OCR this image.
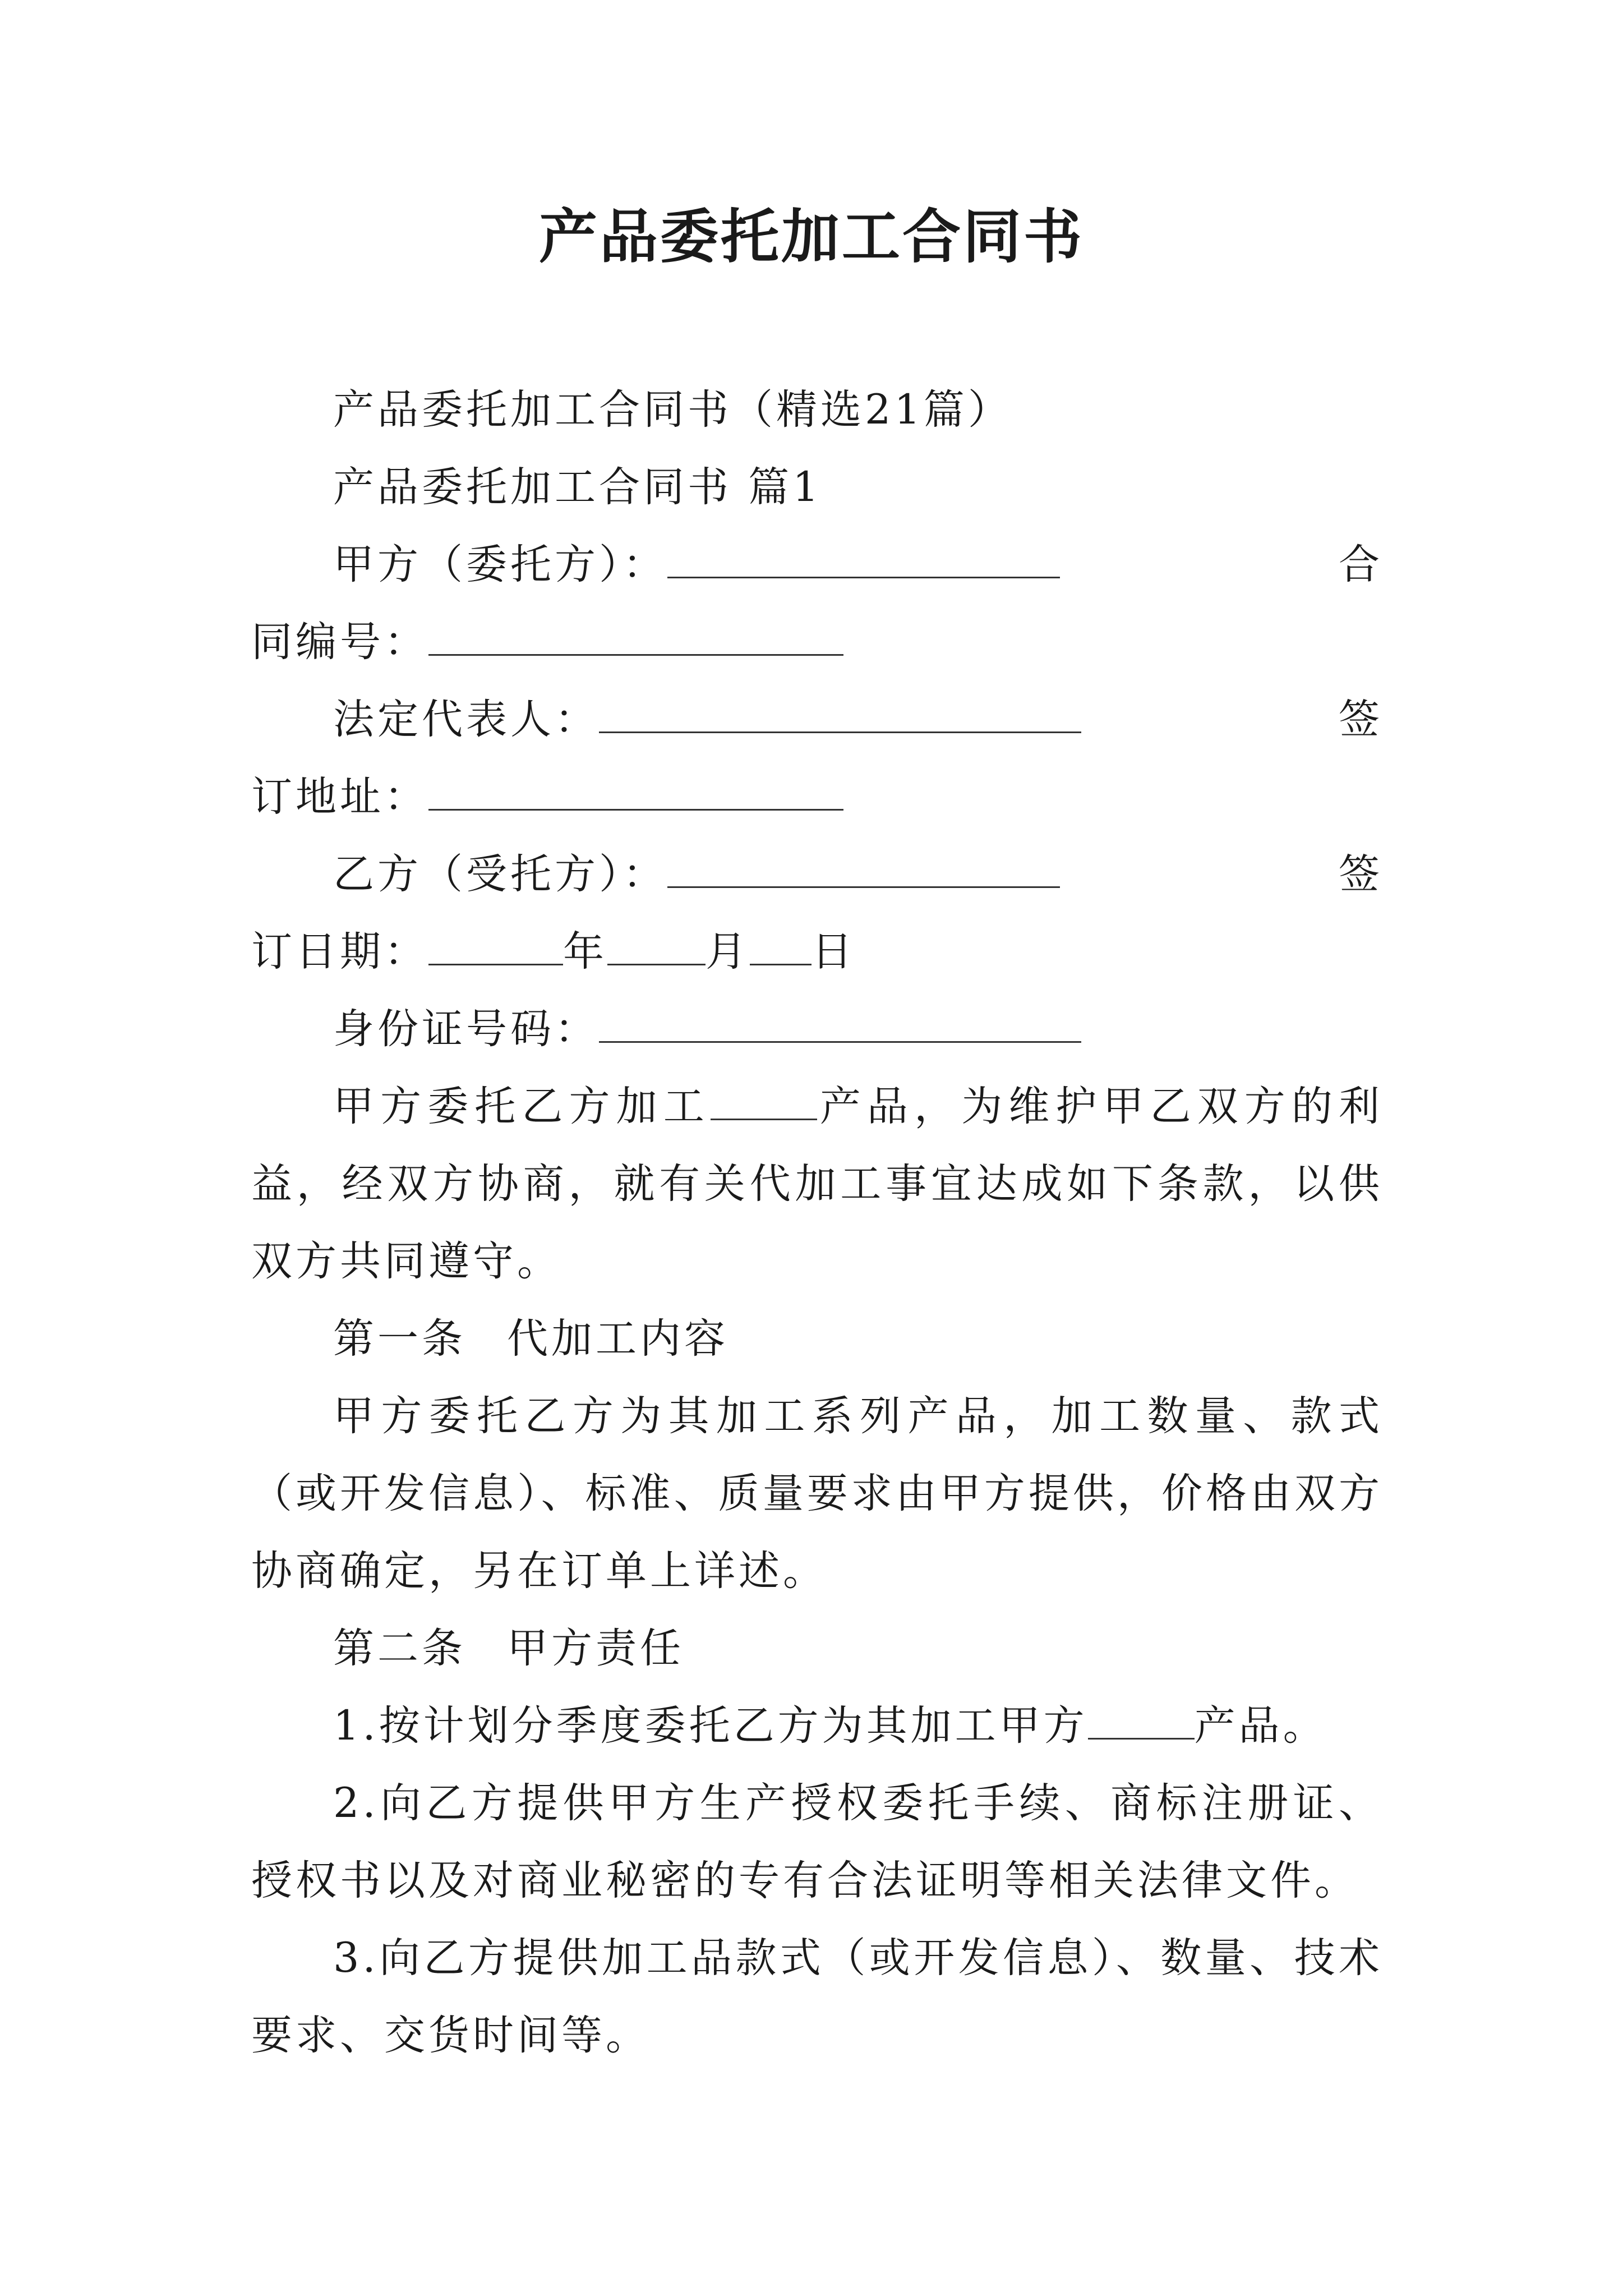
产品委托加工合同书

产品委托加工合同书（精选21篇）

产品委托加工合同书 篇1

甲方（委托方）：	合
同编号：
法定代表人：	签
订地址：
乙方（受托方）：	签
订日期：	年 月 日
身份证号码：

甲方委托乙方加工	产品，为维护甲乙双方的利益，经双方协商，就有关代加工事宜达成如下条款，以供双方共同遵守。

第一条 代加工内容

甲方委托乙方为其加工系列产品，加工数量、款式（或开发信息）、标准、质量要求由甲方提供，价格由双方协商确定，另在订单上详述。

第二条 甲方责任

1.按计划分季度委托乙方为其加工甲方	产品。

2.向乙方提供甲方生产授权委托手续、商标注册证、授权书以及对商业秘密的专有合法证明等相关法律文件。

3.向乙方提供加工品款式（或开发信息）、数量、技术要求、交货时间等。
